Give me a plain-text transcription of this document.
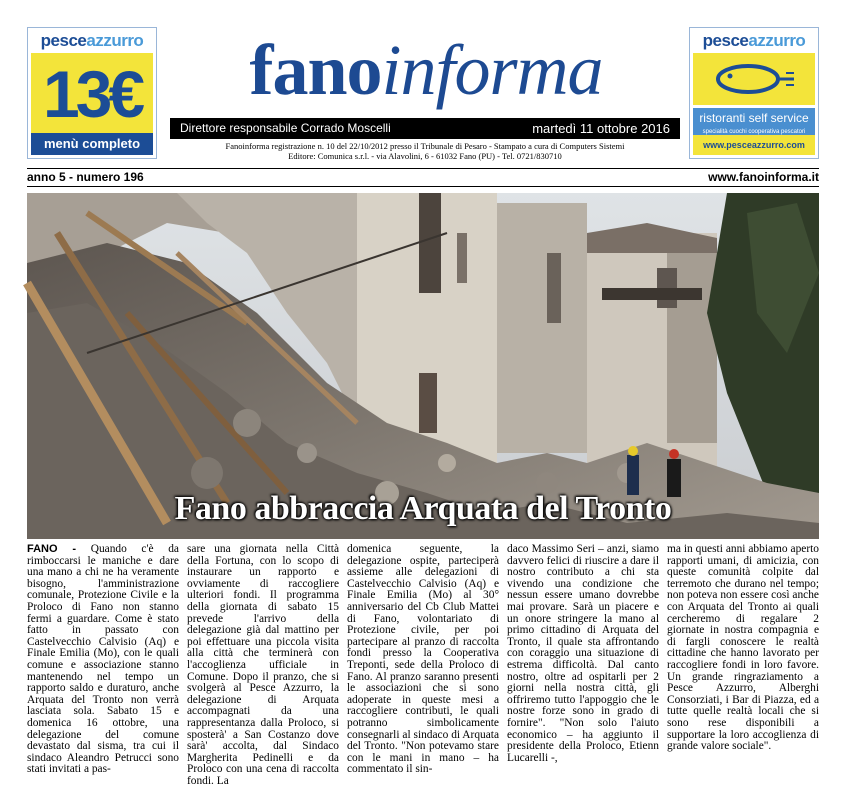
pesceazzurro
13€
menù completo
pesceazzurro
ristoranti self service
specialità cuochi cooperativa pescatori
www.pesceazzurro.com
fanoinforma
Direttore responsabile Corrado Moscelli	martedì 11 ottobre 2016
Fanoinforma registrazione n. 10 del 22/10/2012 presso il Tribunale di Pesaro - Stampato a cura di Computers Sistemi
Editore: Comunica s.r.l. - via Alavolini, 6 - 61032 Fano (PU) - Tel. 0721/830710
anno 5 - numero 196	www.fanoinforma.it
Fano abbraccia Arquata del Tronto
FANO - Quando c'è da rimboccarsi le maniche e dare una mano a chi ne ha veramente bisogno, l'amministrazione comunale, Protezione Civile e la Proloco di Fano non stanno fermi a guardare. Come è stato fatto in passato con Castelvecchio Calvisio (Aq) e Finale Emilia (Mo), con le quali comune e associazione stanno mantenendo nel tempo un rapporto saldo e duraturo, anche Arquata del Tronto non verrà lasciata sola. Sabato 15 e domenica 16 ottobre, una delegazione del comune devastato dal sisma, tra cui il sindaco Aleandro Petrucci sono stati invitati a pas-
sare una giornata nella Città della Fortuna, con lo scopo di instaurare un rapporto e ovviamente di raccogliere ulteriori fondi. Il programma della giornata di sabato 15 prevede l'arrivo della delegazione già dal mattino per poi effettuare una piccola visita alla città che terminerà con l'accoglienza ufficiale in Comune. Dopo il pranzo, che si svolgerà al Pesce Azzurro, la delegazione di Arquata accompagnati da una rappresentanza dalla Proloco, si sposterà' a San Costanzo dove sarà' accolta, dal Sindaco Margherita Pedinelli e da Proloco con una cena di raccolta fondi. La
domenica seguente, la delegazione ospite, parteciperà assieme alle delegazioni di Castelvecchio Calvisio (Aq) e Finale Emilia (Mo) al 30° anniversario del Cb Club Mattei di Fano, volontariato di Protezione civile, per poi partecipare al pranzo di raccolta fondi presso la Cooperativa Treponti, sede della Proloco di Fano. Al pranzo saranno presenti le associazioni che si sono adoperate in queste mesi a raccogliere contributi, le quali potranno simbolicamente consegnarli al sindaco di Arquata del Tronto. "Non potevamo stare con le mani in mano – ha commentato il sin-
daco Massimo Seri – anzi, siamo davvero felici di riuscire a dare il nostro contributo a chi sta vivendo una condizione che nessun essere umano dovrebbe mai provare. Sarà un piacere e un onore stringere la mano al primo cittadino di Arquata del Tronto, il quale sta affrontando con coraggio una situazione di estrema difficoltà. Dal canto nostro, oltre ad ospitarli per 2 giorni nella nostra città, gli offriremo tutto l'appoggio che le nostre forze sono in grado di fornire". "Non solo l'aiuto economico – ha aggiunto il presidente della Proloco, Etienn Lucarelli -,
ma in questi anni abbiamo aperto rapporti umani, di amicizia, con queste comunità colpite dal terremoto che durano nel tempo; non poteva non essere così anche con Arquata del Tronto ai quali cercheremo di regalare 2 giornate in nostra compagnia e di fargli conoscere le realtà cittadine che hanno lavorato per raccogliere fondi in loro favore. Un grande ringraziamento a Pesce Azzurro, Alberghi Consorziati, i Bar di Piazza, ed a tutte quelle realtà locali che si sono rese disponibili a supportare la loro accoglienza di grande valore sociale".
